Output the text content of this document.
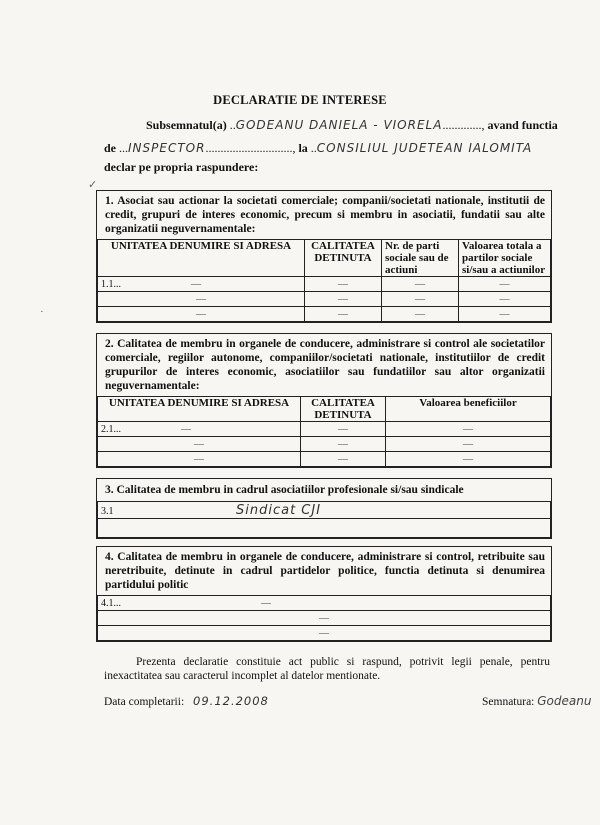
DECLARATIE DE INTERESE
Subsemnatul(a) ..GODEANU DANIELA - VIORELA............., avand functia
de ...INSPECTOR............................., la ..CONSILIUL JUDETEAN IALOMITA
declar pe propria raspundere:
1. Asociat sau actionar la societati comerciale; companii/societati nationale, institutii de credit, grupuri de interes economic, precum si membru in asociatii, fundatii sau alte organizatii neguvernamentale:
UNITATEA DENUMIRE SI ADRESA	CALITATEA DETINUTA	Nr. de parti sociale sau de actiuni	Valoarea totala a partilor sociale si/sau a actiunilor
1.1... —	—	—	—
—	—	—	—
—	—	—	—
2. Calitatea de membru in organele de conducere, administrare si control ale societatilor comerciale, regiilor autonome, companiilor/societati nationale, institutiilor de credit grupurilor de interes economic, asociatiilor sau fundatiilor sau altor organizatii neguvernamentale:
UNITATEA DENUMIRE SI ADRESA	CALITATEA DETINUTA	Valoarea beneficiilor
2.1... —	—	—
—	—	—
—	—	—
3. Calitatea de membru in cadrul asociatiilor profesionale si/sau sindicale
3.1	Sindicat CJI

4. Calitatea de membru in organele de conducere, administrare si control, retribuite sau neretribuite, detinute in cadrul partidelor politice, functia detinuta si denumirea partidului politic
4.1...	—
—
—
Prezenta declaratie constituie act public si raspund, potrivit legii penale, pentru inexactitatea sau caracterul incomplet al datelor mentionate.
Data completarii: 09.12.2008	Semnatura: Godeanu
✓
·
